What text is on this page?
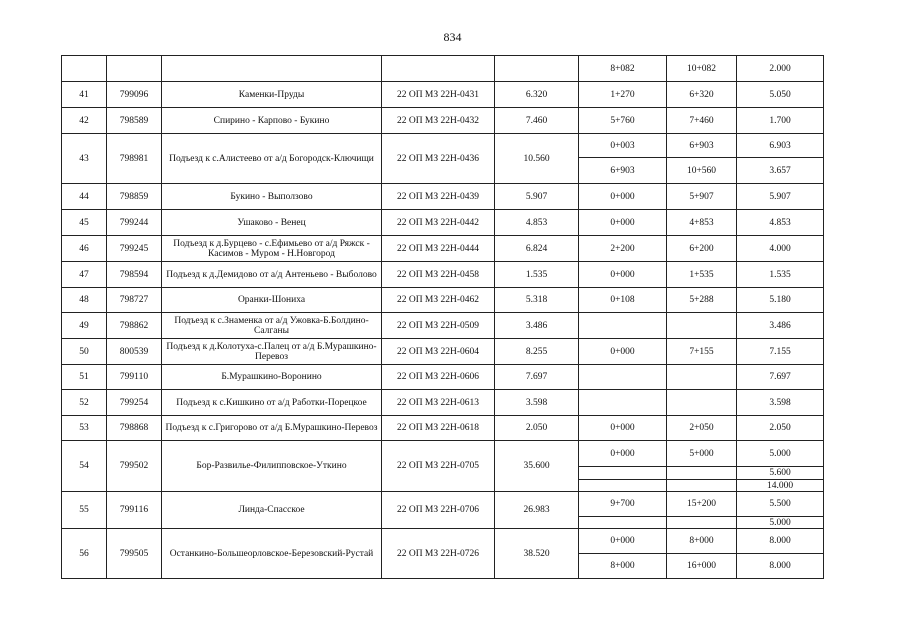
834
					8+082	10+082	2.000
41	799096	Каменки-Пруды	22 ОП МЗ 22Н-0431	6.320	1+270	6+320	5.050
42	798589	Спирино - Карпово - Букино	22 ОП МЗ 22Н-0432	7.460	5+760	7+460	1.700
43	798981	Подъезд к с.Алистеево от а/д Богородск-Ключищи	22 ОП МЗ 22Н-0436	10.560	0+003	6+903	6.903
					6+903	10+560	3.657
44	798859	Букино - Выползово	22 ОП МЗ 22Н-0439	5.907	0+000	5+907	5.907
45	799244	Ушаково - Венец	22 ОП МЗ 22Н-0442	4.853	0+000	4+853	4.853
46	799245	Подъезд к д.Бурцево - с.Ефимьево от а/д Ряжск - Касимов - Муром - Н.Новгород	22 ОП МЗ 22Н-0444	6.824	2+200	6+200	4.000
47	798594	Подъезд к д.Демидово от а/д Антеньево - Выболово	22 ОП МЗ 22Н-0458	1.535	0+000	1+535	1.535
48	798727	Оранки-Шониха	22 ОП МЗ 22Н-0462	5.318	0+108	5+288	5.180
49	798862	Подъезд к с.Знаменка от а/д Ужовка-Б.Болдино-Салганы	22 ОП МЗ 22Н-0509	3.486			3.486
50	800539	Подъезд к д.Колотуха-с.Палец от а/д Б.Мурашкино-Перевоз	22 ОП МЗ 22Н-0604	8.255	0+000	7+155	7.155
51	799110	Б.Мурашкино-Воронино	22 ОП МЗ 22Н-0606	7.697			7.697
52	799254	Подъезд к с.Кишкино от а/д Работки-Порецкое	22 ОП МЗ 22Н-0613	3.598			3.598
53	798868	Подъезд к с.Григорово от а/д Б.Мурашкино-Перевоз	22 ОП МЗ 22Н-0618	2.050	0+000	2+050	2.050
54	799502	Бор-Развилье-Филипповское-Уткино	22 ОП МЗ 22Н-0705	35.600	0+000	5+000	5.000
							5.600
							14.000
55	799116	Линда-Спасское	22 ОП МЗ 22Н-0706	26.983	9+700	15+200	5.500
							5.000
56	799505	Останкино-Большеорловское-Березовский-Рустай	22 ОП МЗ 22Н-0726	38.520	0+000	8+000	8.000
					8+000	16+000	8.000
